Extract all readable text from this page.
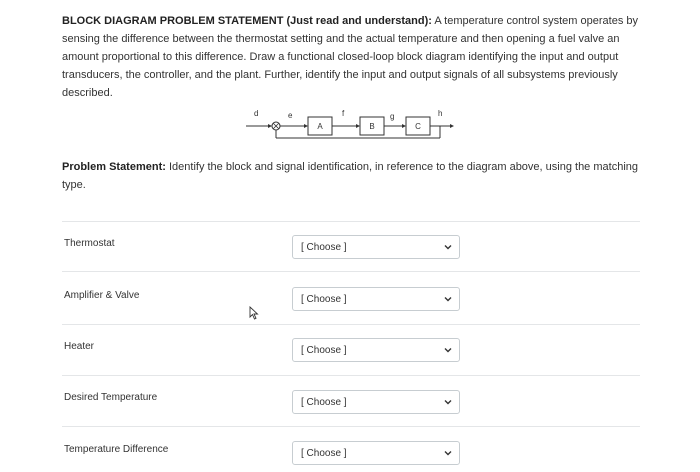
BLOCK DIAGRAM PROBLEM STATEMENT (Just read and understand): A temperature control system operates by sensing the difference between the thermostat setting and the actual temperature and then opening a fuel valve an amount proportional to this difference. Draw a functional closed-loop block diagram identifying the input and output transducers, the controller, and the plant. Further, identify the input and output signals of all subsystems previously described.
A	B	C
d	e	f	g	h
Problem Statement: Identify the block and signal identification, in reference to the diagram above, using the matching type.
Thermostat	[ Choose ]
Amplifier & Valve	[ Choose ]
Heater	[ Choose ]
Desired Temperature	[ Choose ]
Temperature Difference	[ Choose ]
